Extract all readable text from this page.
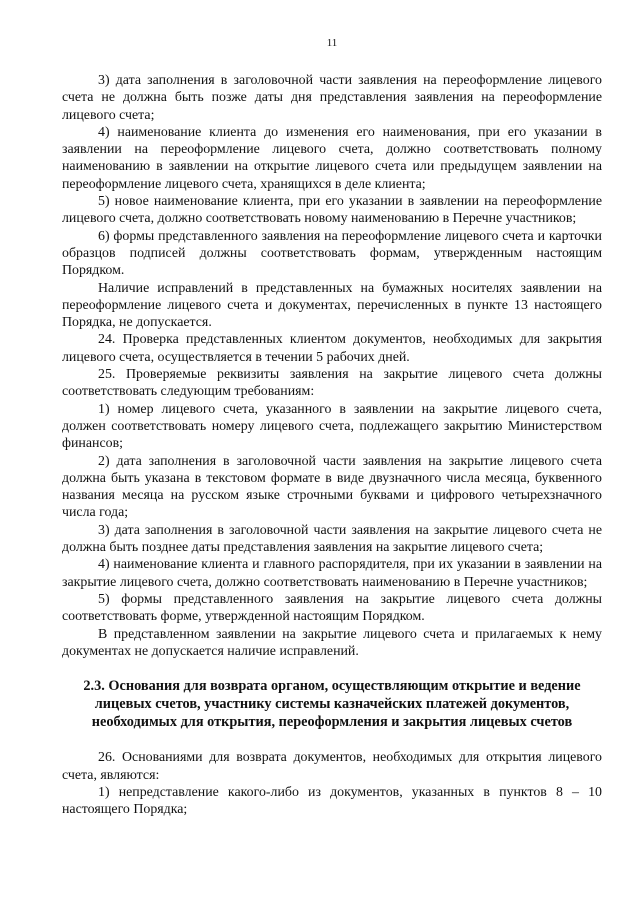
11

3) дата заполнения в заголовочной части заявления на переоформление лицевого счета не должна быть позже даты дня представления заявления на переоформление лицевого счета;

4) наименование клиента до изменения его наименования, при его указании в заявлении на переоформление лицевого счета, должно соответствовать полному наименованию в заявлении на открытие лицевого счета или предыдущем заявлении на переоформление лицевого счета, хранящихся в деле клиента;

5) новое наименование клиента, при его указании в заявлении на переоформление лицевого счета, должно соответствовать новому наименованию в Перечне участников;

6) формы представленного заявления на переоформление лицевого счета и карточки образцов подписей должны соответствовать формам, утвержденным настоящим Порядком.

Наличие исправлений в представленных на бумажных носителях заявлении на переоформление лицевого счета и документах, перечисленных в пункте 13 настоящего Порядка, не допускается.

24. Проверка представленных клиентом документов, необходимых для закрытия лицевого счета, осуществляется в течении 5 рабочих дней.

25. Проверяемые реквизиты заявления на закрытие лицевого счета должны соответствовать следующим требованиям:

1) номер лицевого счета, указанного в заявлении на закрытие лицевого счета, должен соответствовать номеру лицевого счета, подлежащего закрытию Министерством финансов;

2) дата заполнения в заголовочной части заявления на закрытие лицевого счета должна быть указана в текстовом формате в виде двузначного числа месяца, буквенного названия месяца на русском языке строчными буквами и цифрового четырехзначного числа года;

3) дата заполнения в заголовочной части заявления на закрытие лицевого счета не должна быть позднее даты представления заявления на закрытие лицевого счета;

4) наименование клиента и главного распорядителя, при их указании в заявлении на закрытие лицевого счета, должно соответствовать наименованию в Перечне участников;

5) формы представленного заявления на закрытие лицевого счета должны соответствовать форме, утвержденной настоящим Порядком.

В представленном заявлении на закрытие лицевого счета и прилагаемых к нему документах не допускается наличие исправлений.

2.3. Основания для возврата органом, осуществляющим открытие и ведение лицевых счетов, участнику системы казначейских платежей документов, необходимых для открытия, переоформления и закрытия лицевых счетов

26. Основаниями для возврата документов, необходимых для открытия лицевого счета, являются:

1) непредставление какого-либо из документов, указанных в пунктов 8 – 10 настоящего Порядка;
